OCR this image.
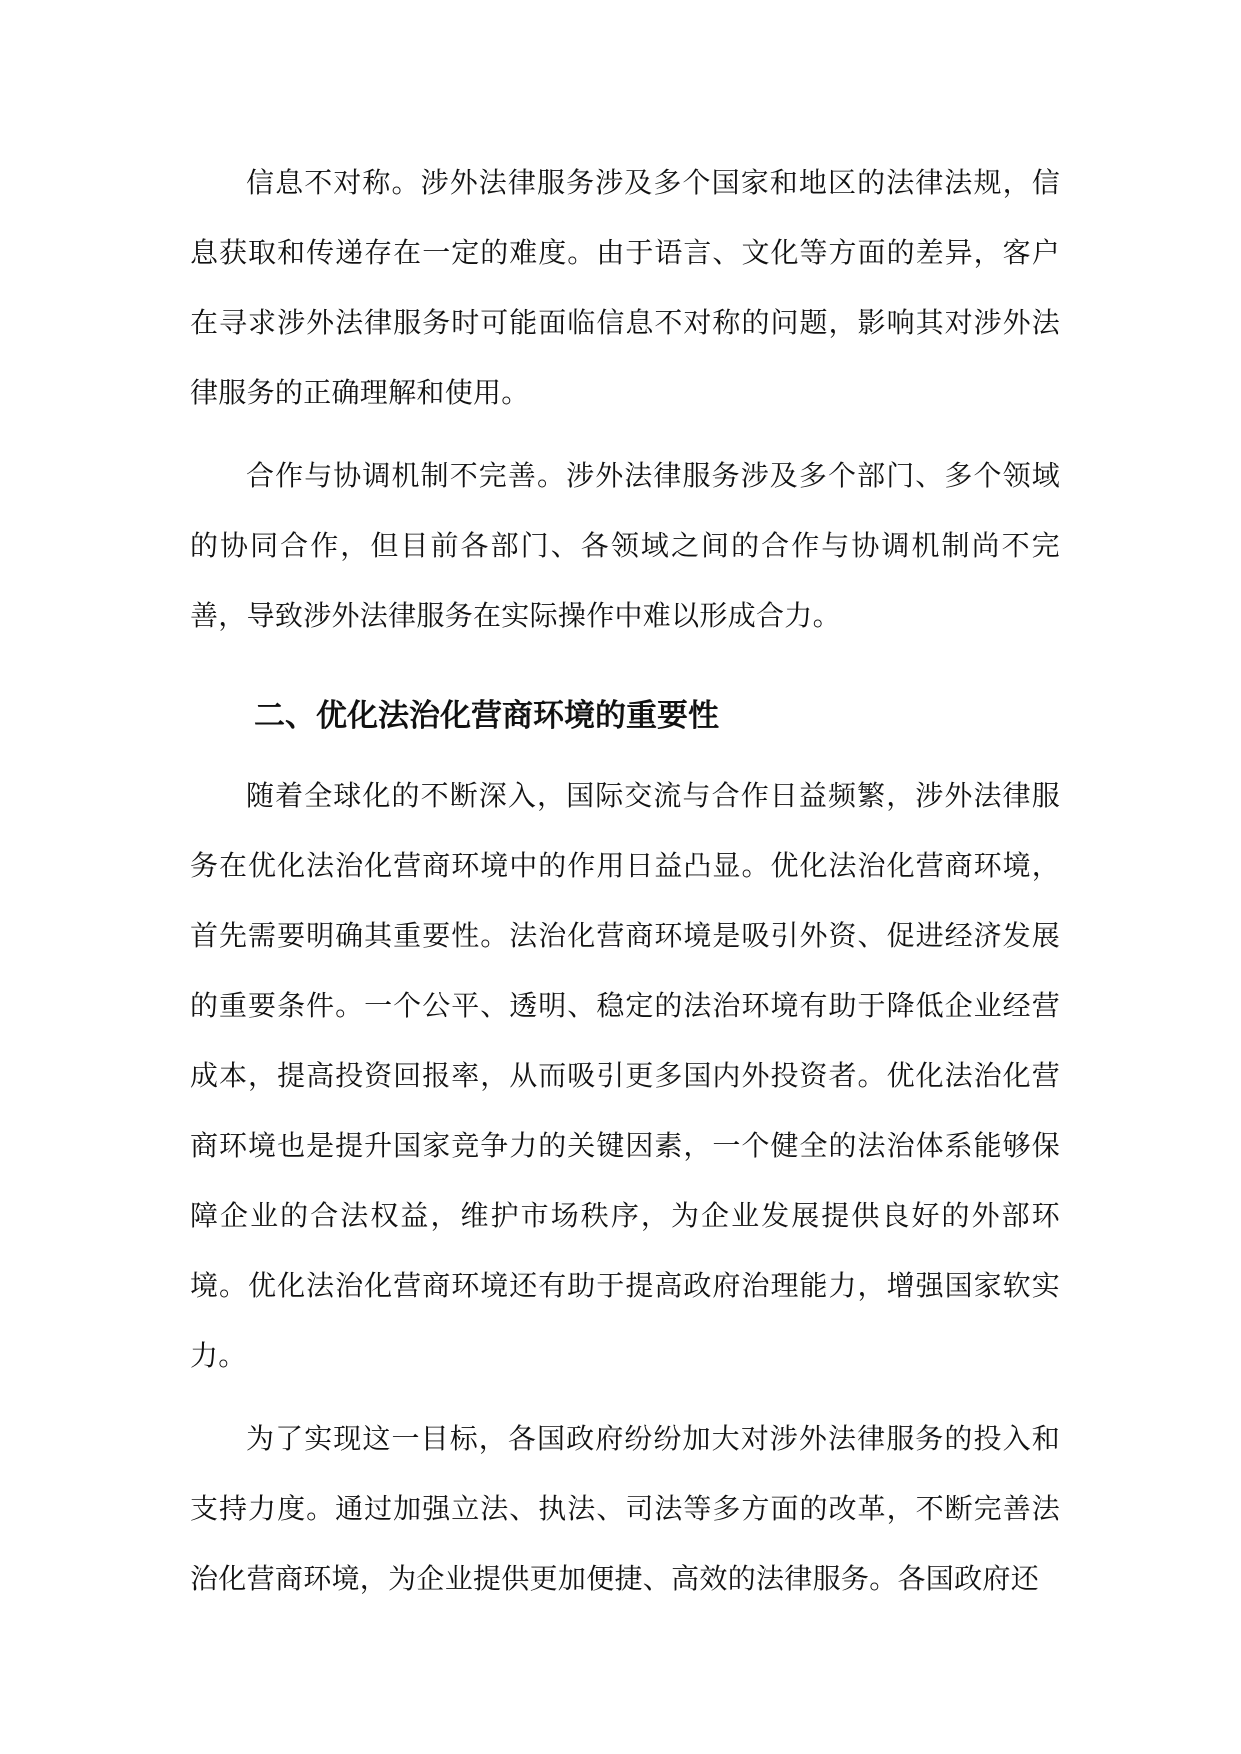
信息不对称。涉外法律服务涉及多个国家和地区的法律法规，信息获取和传递存在一定的难度。由于语言、文化等方面的差异，客户在寻求涉外法律服务时可能面临信息不对称的问题，影响其对涉外法律服务的正确理解和使用。

合作与协调机制不完善。涉外法律服务涉及多个部门、多个领域的协同合作，但目前各部门、各领域之间的合作与协调机制尚不完善，导致涉外法律服务在实际操作中难以形成合力。

二、优化法治化营商环境的重要性

随着全球化的不断深入，国际交流与合作日益频繁，涉外法律服务在优化法治化营商环境中的作用日益凸显。优化法治化营商环境，首先需要明确其重要性。法治化营商环境是吸引外资、促进经济发展的重要条件。一个公平、透明、稳定的法治环境有助于降低企业经营成本，提高投资回报率，从而吸引更多国内外投资者。优化法治化营商环境也是提升国家竞争力的关键因素，一个健全的法治体系能够保障企业的合法权益，维护市场秩序，为企业发展提供良好的外部环境。优化法治化营商环境还有助于提高政府治理能力，增强国家软实力。

为了实现这一目标，各国政府纷纷加大对涉外法律服务的投入和支持力度。通过加强立法、执法、司法等多方面的改革，不断完善法治化营商环境，为企业提供更加便捷、高效的法律服务。各国政府还
